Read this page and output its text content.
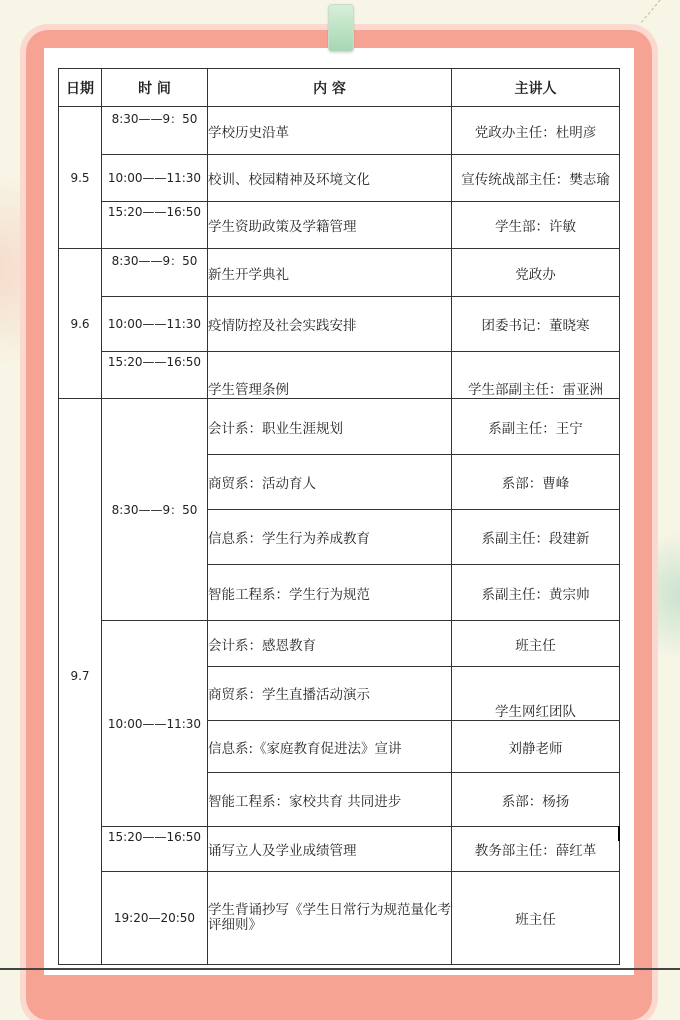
日期	时 间	内 容	主讲人
9.5	8:30——9：50	学校历史沿革	党政办主任：杜明彦
	10:00——11:30	校训、校园精神及环境文化	宣传统战部主任：樊志瑜
	15:20——16:50	学生资助政策及学籍管理	学生部：许敏
9.6	8:30——9：50	新生开学典礼	党政办
	10:00——11:30	疫情防控及社会实践安排	团委书记：董晓寒
	15:20——16:50	学生管理条例	学生部副主任：雷亚洲
9.7	8:30——9：50	会计系：职业生涯规划	系副主任：王宁
		商贸系：活动育人	系部：曹峰
		信息系：学生行为养成教育	系副主任：段建新
		智能工程系：学生行为规范	系副主任：黄宗帅
	10:00——11:30	会计系：感恩教育	班主任
		商贸系：学生直播活动演示	学生网红团队
		信息系:《家庭教育促进法》宣讲	刘静老师
		智能工程系：家校共育 共同进步	系部：杨扬
	15:20——16:50	诵写立人及学业成绩管理	教务部主任：薛红革
	19:20—20:50	学生背诵抄写《学生日常行为规范量化考评细则》	班主任
